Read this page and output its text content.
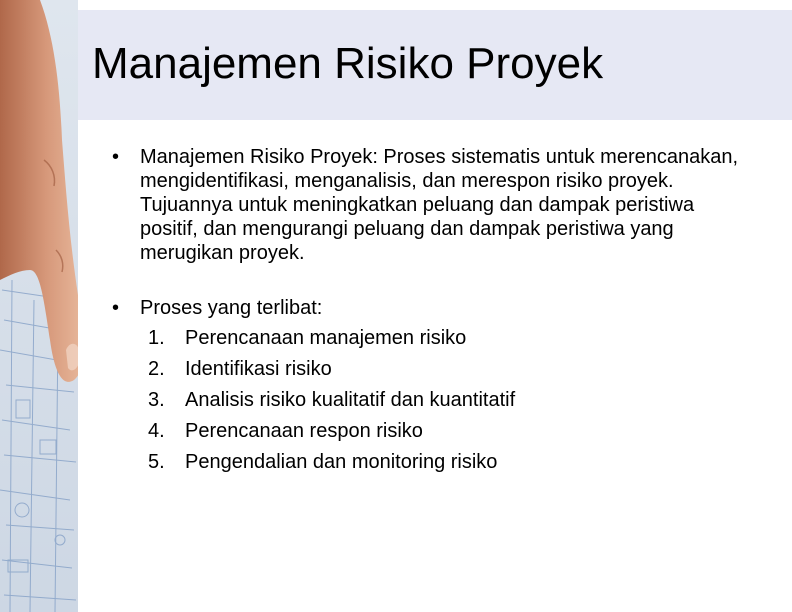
Manajemen Risiko Proyek
• Manajemen Risiko Proyek: Proses sistematis untuk merencanakan, mengidentifikasi, menganalisis, dan merespon risiko proyek. Tujuannya untuk meningkatkan peluang dan dampak peristiwa positif, dan mengurangi peluang dan dampak peristiwa yang merugikan proyek.
• Proses yang terlibat:
1. Perencanaan manajemen risiko
2. Identifikasi risiko
3. Analisis risiko kualitatif dan kuantitatif
4. Perencanaan respon risiko
5. Pengendalian dan monitoring risiko
